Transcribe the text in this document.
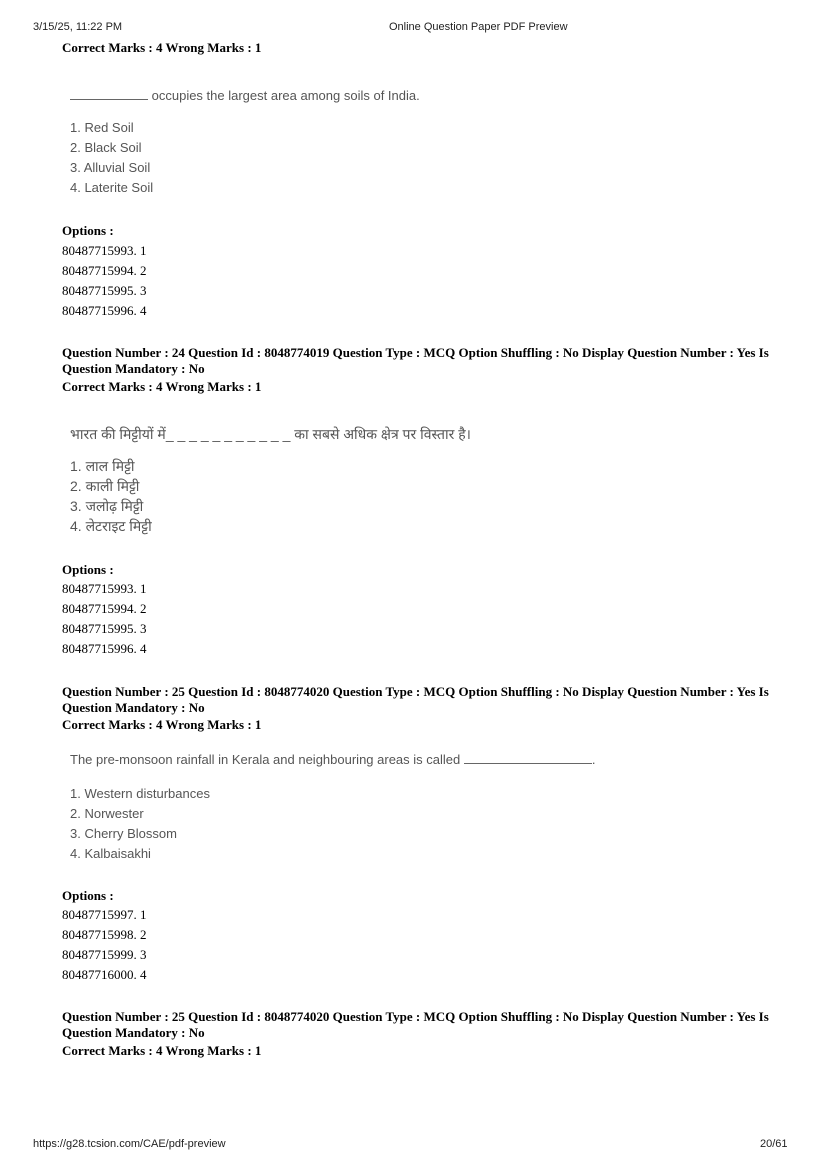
3/15/25, 11:22 PM	Online Question Paper PDF Preview
Correct Marks : 4 Wrong Marks : 1
occupies the largest area among soils of India.
1. Red Soil
2. Black Soil
3. Alluvial Soil
4. Laterite Soil
Options :
80487715993. 1
80487715994. 2
80487715995. 3
80487715996. 4
Question Number : 24 Question Id : 8048774019 Question Type : MCQ Option Shuffling : No Display Question Number : Yes Is Question Mandatory : No
Correct Marks : 4 Wrong Marks : 1
भारत की मिट्टीयों में_ _ _ _ _ _ _ _ _ _ _ का सबसे अधिक क्षेत्र पर विस्तार है।
1. लाल मिट्टी
2. काली मिट्टी
3. जलोढ़ मिट्टी
4. लेटराइट मिट्टी
Options :
80487715993. 1
80487715994. 2
80487715995. 3
80487715996. 4
Question Number : 25 Question Id : 8048774020 Question Type : MCQ Option Shuffling : No Display Question Number : Yes Is Question Mandatory : No
Correct Marks : 4 Wrong Marks : 1
The pre-monsoon rainfall in Kerala and neighbouring areas is called	.
1. Western disturbances
2. Norwester
3. Cherry Blossom
4. Kalbaisakhi
Options :
80487715997. 1
80487715998. 2
80487715999. 3
80487716000. 4
Question Number : 25 Question Id : 8048774020 Question Type : MCQ Option Shuffling : No Display Question Number : Yes Is Question Mandatory : No
Correct Marks : 4 Wrong Marks : 1
https://g28.tcsion.com/CAE/pdf-preview	20/61
